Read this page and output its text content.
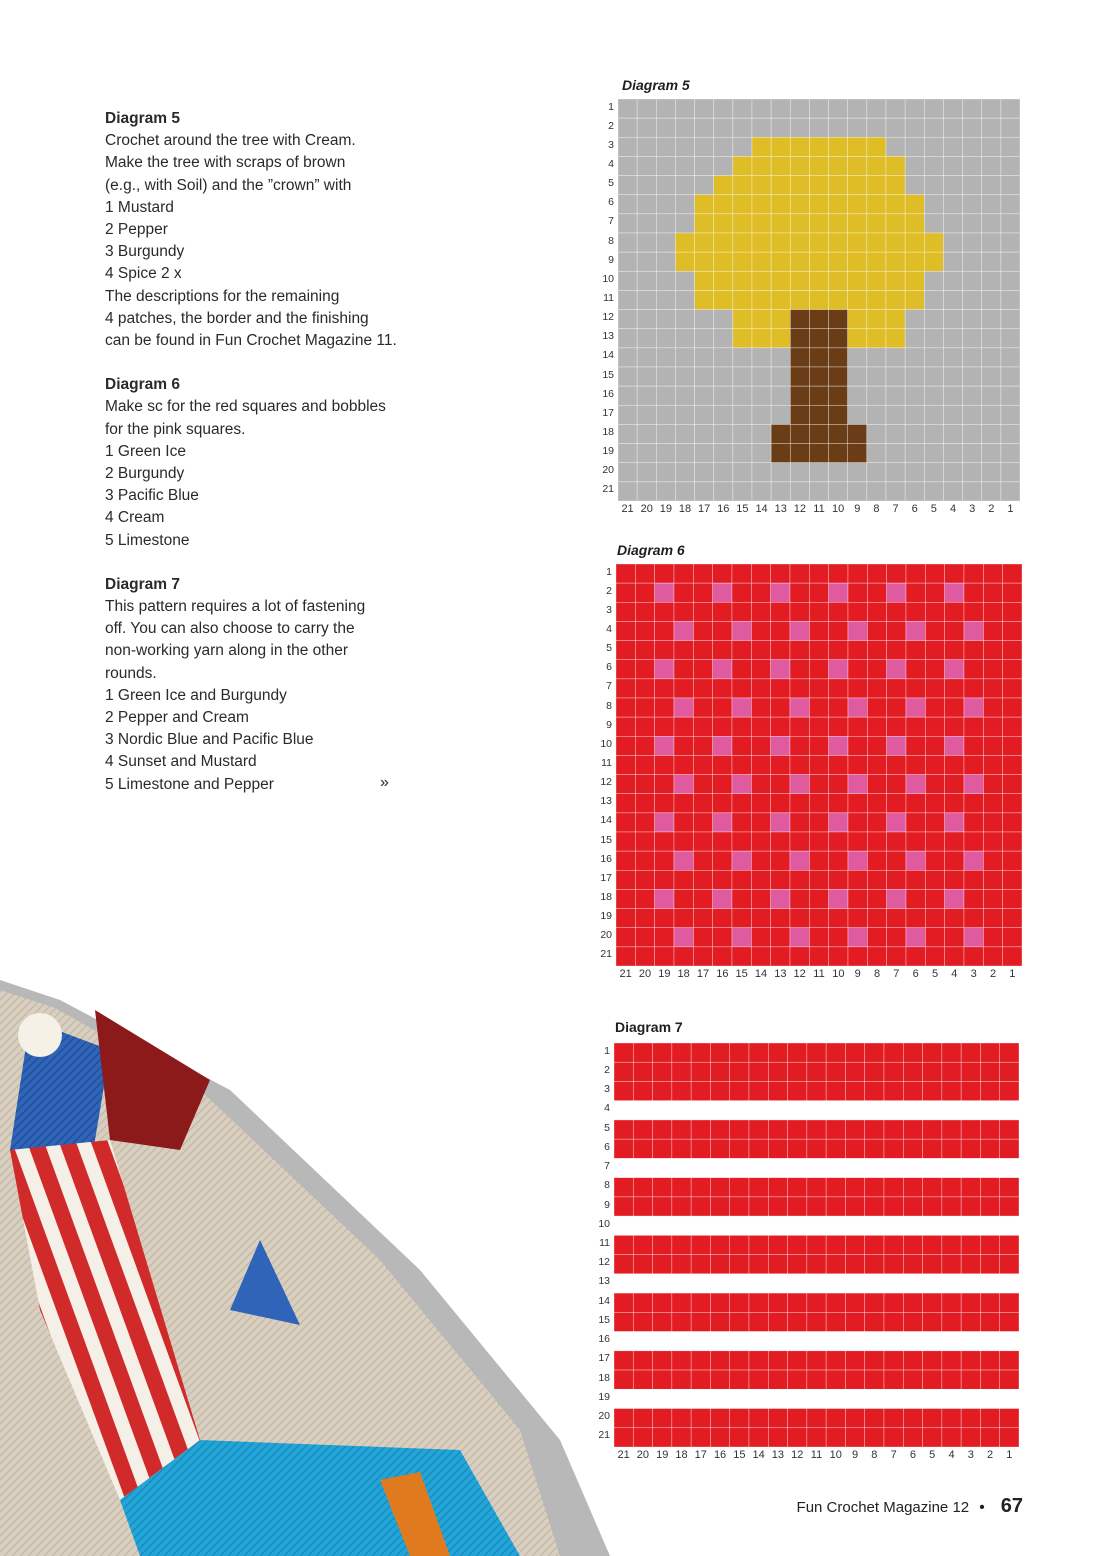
Diagram 5
Crochet around the tree with Cream.
Make the tree with scraps of brown
(e.g., with Soil) and the ”crown” with
1 Mustard
2 Pepper
3 Burgundy
4 Spice 2 x
The descriptions for the remaining
4 patches, the border and the finishing
can be found in Fun Crochet Magazine 11.
Diagram 6
Make sc for the red squares and bobbles
for the pink squares.
1 Green Ice
2 Burgundy
3 Pacific Blue
4 Cream
5 Limestone
Diagram 7
This pattern requires a lot of fastening
off. You can also choose to carry the
non-working yarn along in the other
rounds.
1 Green Ice and Burgundy
2 Pepper and Cream
3 Nordic Blue and Pacific Blue
4 Sunset and Mustard
5 Limestone and Pepper	»
Diagram 5
Diagram 6
Diagram 7
1
2
3
4
5
6
7
8
9
10
11
12
13
14
15
16
17
18
19
20
21
21 20 19 18 17 16 15 14 13 12 11 10 9	8	7	6	5	4	3	2	1
1
2
3
4
5
6
7
8
9
10
11
12
13
14
15
16
17
18
19
20
21
21 20 19 18 17 16 15 14 13 12 11 10 9	8	7	6	5	4	3	2	1
1
2
3
4
5
6
7
8
9
10
11
12
13
14
15
16
17
18
19
20
21
21 20 19 18 17 16 15 14 13 12 11 10 9	8	7	6	5	4	3	2	1
Fun Crochet Magazine 12 • 67
